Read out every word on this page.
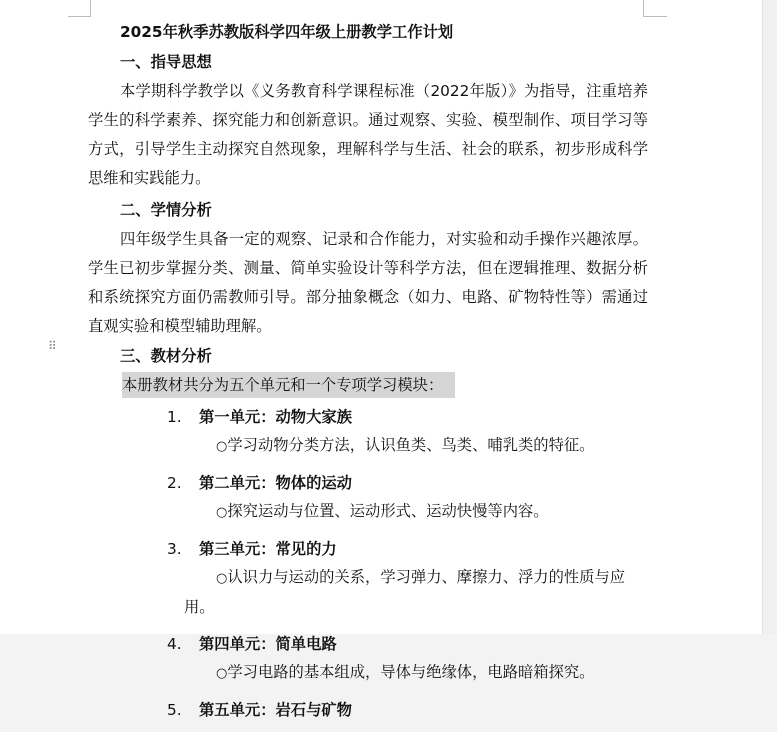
⠿
2025年秋季苏教版科学四年级上册教学工作计划
一、指导思想

本学期科学教学以《义务教育科学课程标准（2022年版）》为指导，注重培养学生的科学素养、探究能力和创新意识。通过观察、实验、模型制作、项目学习等方式，引导学生主动探究自然现象，理解科学与生活、社会的联系，初步形成科学思维和实践能力。

二、学情分析

四年级学生具备一定的观察、记录和合作能力，对实验和动手操作兴趣浓厚。学生已初步掌握分类、测量、简单实验设计等科学方法，但在逻辑推理、数据分析和系统探究方面仍需教师引导。部分抽象概念（如力、电路、矿物特性等）需通过直观实验和模型辅助理解。

三、教材分析
本册教材共分为五个单元和一个专项学习模块：
1. 第一单元：动物大家族
○学习动物分类方法，认识鱼类、鸟类、哺乳类的特征。
2. 第二单元：物体的运动
○探究运动与位置、运动形式、运动快慢等内容。
3. 第三单元：常见的力
○认识力与运动的关系，学习弹力、摩擦力、浮力的性质与应用。
4. 第四单元：简单电路
○学习电路的基本组成，导体与绝缘体，电路暗箱探究。
5. 第五单元：岩石与矿物
